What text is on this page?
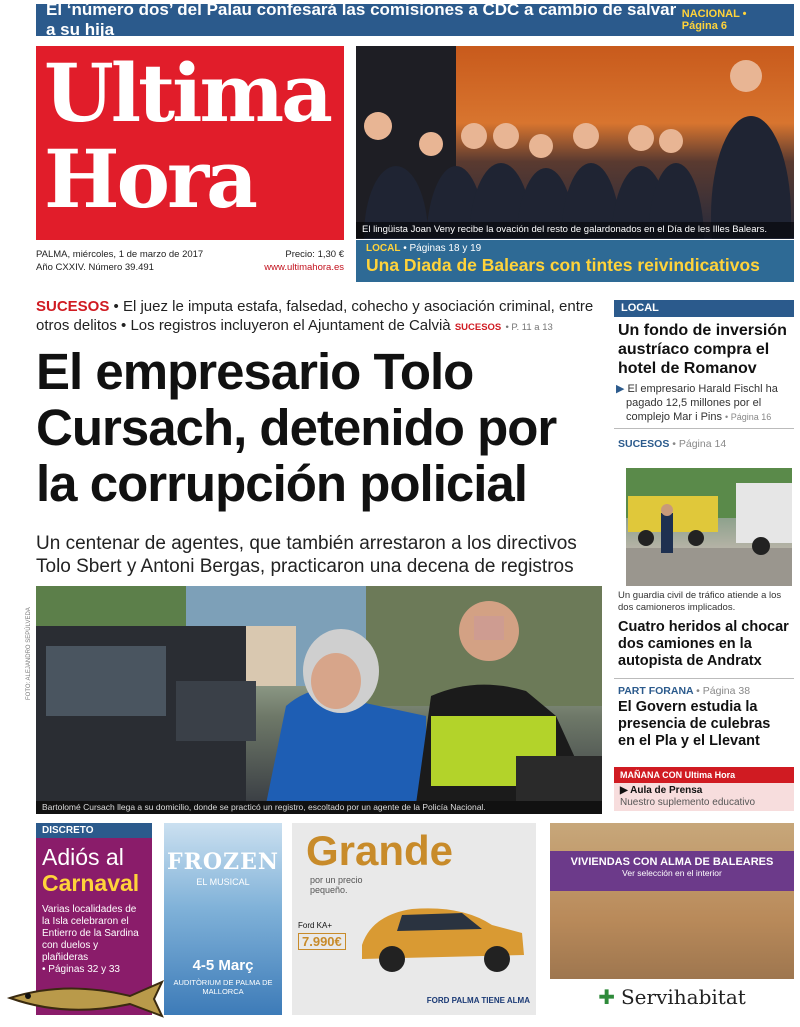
El ‘número dos’ del Palau confesará las comisiones a CDC a cambio de salvar a su hija
NACIONAL • Página 6
Ultima
Hora
PALMA, miércoles, 1 de marzo de 2017
Año CXXIV. Número 39.491
Precio: 1,30 €
www.ultimahora.es
El lingüista Joan Veny recibe la ovación del resto de galardonados en el Día de les Illes Balears.
LOCAL • Páginas 18 y 19
Una Diada de Balears con tintes reivindicativos
SUCESOS • El juez le imputa estafa, falsedad, cohecho y asociación criminal, entre otros delitos • Los registros incluyeron el Ajuntament de Calvià SUCESOS • P. 11 a 13
El empresario Tolo Cursach, detenido por la corrupción policial
Un centenar de agentes, que también arrestaron a los directivos Tolo Sbert y Antoni Bergas, practicaron una decena de registros
Bartolomé Cursach llega a su domicilio, donde se practicó un registro, escoltado por un agente de la Policía Nacional.
FOTO: ALEJANDRO SEPÚLVEDA
LOCAL
Un fondo de inversión austríaco compra el hotel de Romanov
▶ El empresario Harald Fischl ha pagado 12,5 millones por el complejo Mar i Pins • Página 16
SUCESOS • Página 14
Un guardia civil de tráfico atiende a los dos camioneros implicados.
Cuatro heridos al chocar dos camiones en la autopista de Andratx
PART FORANA • Página 38
El Govern estudia la presencia de culebras en el Pla y el Llevant
MAÑANA CON Ultima Hora
▶ Aula de Prensa
Nuestro suplemento educativo
DISCRETO
Adiós al
Carnaval
Varias localidades de la Isla celebraron el Entierro de la Sardina con duelos y plañideras
• Páginas 32 y 33
FROZEN
EL MUSICAL
4-5 Març
AUDITÒRIUM DE PALMA DE MALLORCA
Grande
por un precio pequeño.
Ford KA+
7.990€
FORD PALMA TIENE ALMA
VIVIENDAS CON ALMA DE BALEARES
Ver selección en el interior
✚ Servihabitat
